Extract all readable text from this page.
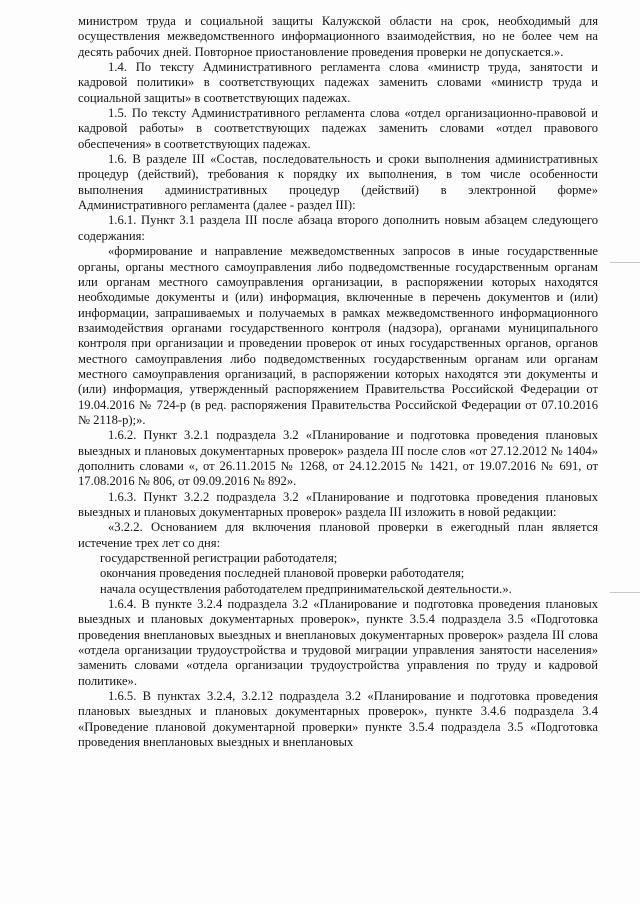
министром труда и социальной защиты Калужской области на срок, необходимый для осуществления межведомственного информационного взаимодействия, но не более чем на десять рабочих дней. Повторное приостановление проведения проверки не допускается.».

1.4. По тексту Административного регламента слова «министр труда, занятости и кадровой политики» в соответствующих падежах заменить словами «министр труда и социальной защиты» в соответствующих падежах.

1.5. По тексту Административного регламента слова «отдел организационно-правовой и кадровой работы» в соответствующих падежах заменить словами «отдел правового обеспечения» в соответствующих падежах.

1.6. В разделе III «Состав, последовательность и сроки выполнения административных процедур (действий), требования к порядку их выполнения, в том числе особенности выполнения административных процедур (действий) в электронной форме» Административного регламента (далее - раздел III):

1.6.1. Пункт 3.1 раздела III после абзаца второго дополнить новым абзацем следующего содержания:

«формирование и направление межведомственных запросов в иные государственные органы, органы местного самоуправления либо подведомственные государственным органам или органам местного самоуправления организации, в распоряжении которых находятся необходимые документы и (или) информация, включенные в перечень документов и (или) информации, запрашиваемых и получаемых в рамках межведомственного информационного взаимодействия органами государственного контроля (надзора), органами муниципального контроля при организации и проведении проверок от иных государственных органов, органов местного самоуправления либо подведомственных государственным органам или органам местного самоуправления организаций, в распоряжении которых находятся эти документы и (или) информация, утвержденный распоряжением Правительства Российской Федерации от 19.04.2016 № 724-р (в ред. распоряжения Правительства Российской Федерации от 07.10.2016 № 2118-р);».

1.6.2. Пункт 3.2.1 подраздела 3.2 «Планирование и подготовка проведения плановых выездных и плановых документарных проверок» раздела III после слов «от 27.12.2012 № 1404» дополнить словами «, от 26.11.2015 № 1268, от 24.12.2015 № 1421, от 19.07.2016 № 691, от 17.08.2016 № 806, от 09.09.2016 № 892».

1.6.3. Пункт 3.2.2 подраздела 3.2 «Планирование и подготовка проведения плановых выездных и плановых документарных проверок» раздела III изложить в новой редакции:

«3.2.2. Основанием для включения плановой проверки в ежегодный план является истечение трех лет со дня:

государственной регистрации работодателя;

окончания проведения последней плановой проверки работодателя;

начала осуществления работодателем предпринимательской деятельности.».

1.6.4. В пункте 3.2.4 подраздела 3.2 «Планирование и подготовка проведения плановых выездных и плановых документарных проверок», пункте 3.5.4 подраздела 3.5 «Подготовка проведения внеплановых выездных и внеплановых документарных проверок» раздела III слова «отдела организации трудоустройства и трудовой миграции управления занятости населения» заменить словами «отдела организации трудоустройства управления по труду и кадровой политике».

1.6.5. В пунктах 3.2.4, 3.2.12 подраздела 3.2 «Планирование и подготовка проведения плановых выездных и плановых документарных проверок», пункте 3.4.6 подраздела 3.4 «Проведение плановой документарной проверки» пункте 3.5.4 подраздела 3.5 «Подготовка проведения внеплановых выездных и внеплановых
